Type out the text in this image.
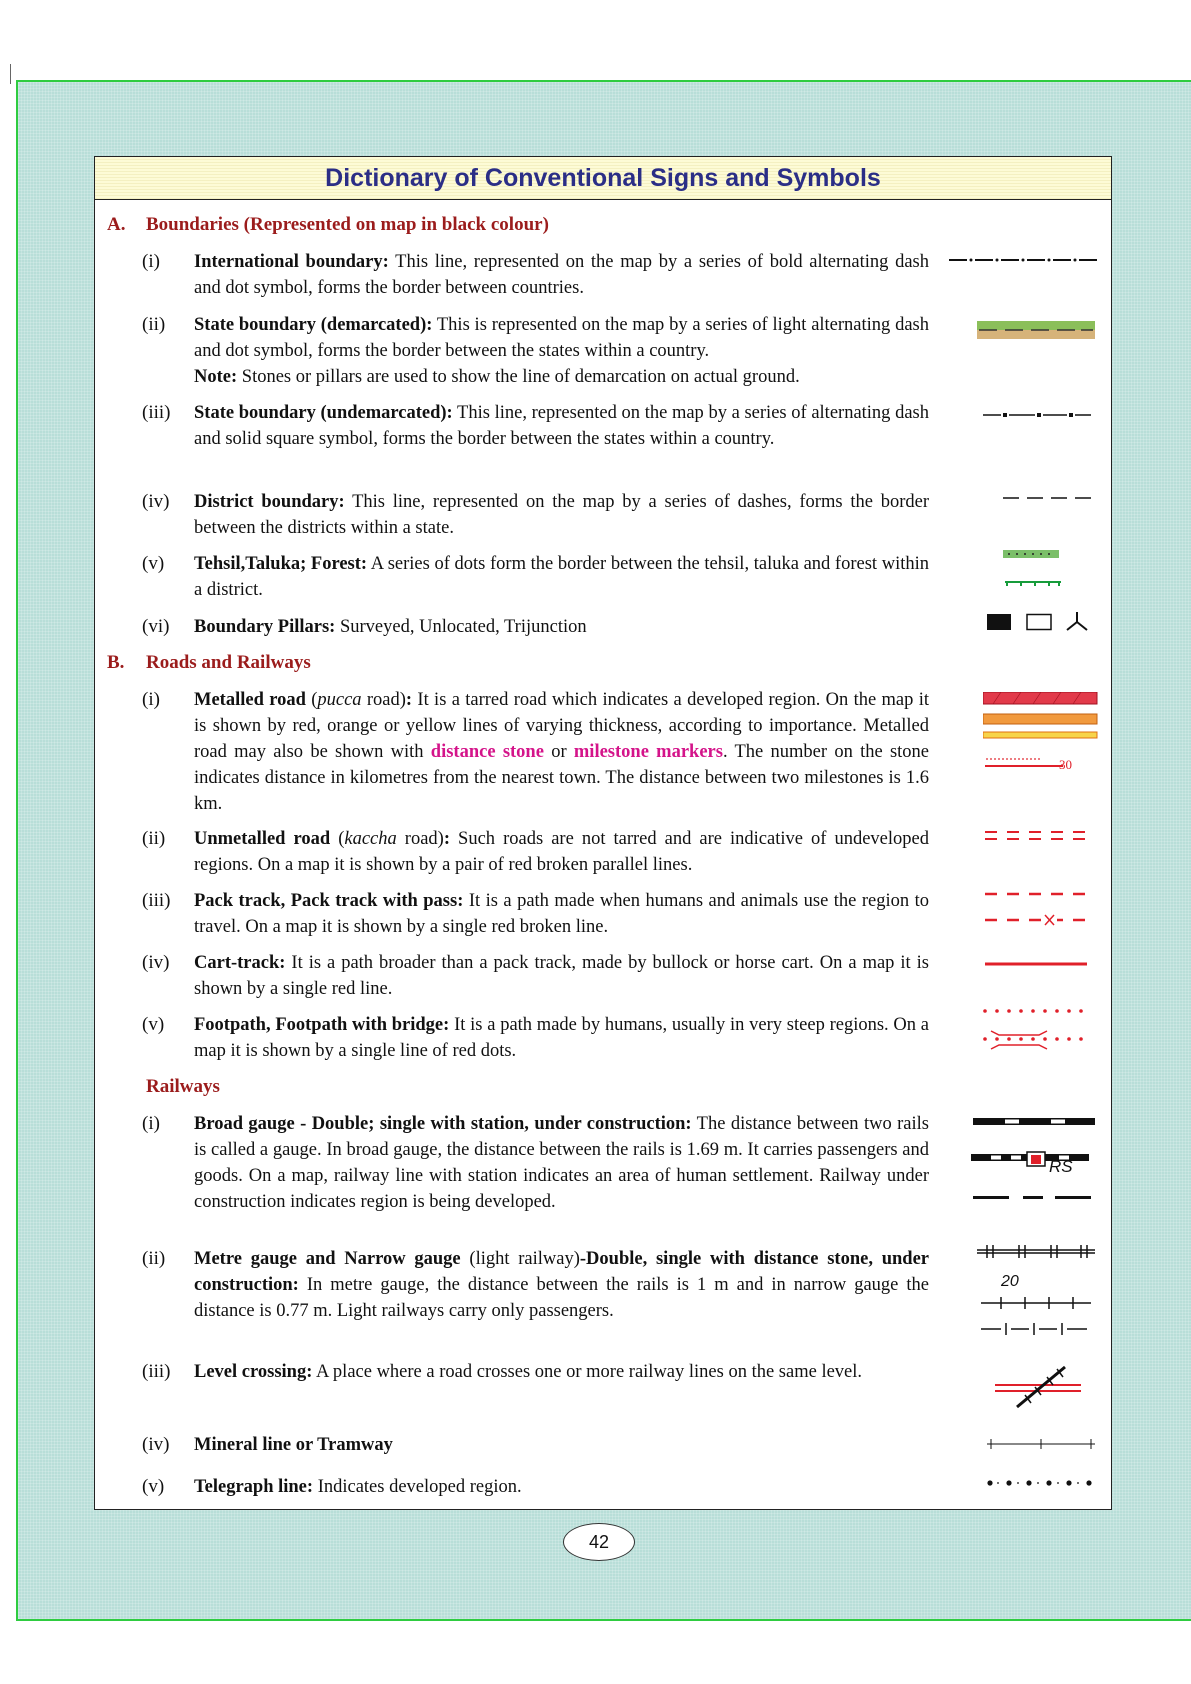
Dictionary of Conventional Signs and Symbols
A. Boundaries (Represented on map in black colour)
(i) International boundary: This line, represented on the map by a series of bold alternating dash and dot symbol, forms the border between countries.
(ii) State boundary (demarcated): This is represented on the map by a series of light alternating dash and dot symbol, forms the border between the states within a country.
Note: Stones or pillars are used to show the line of demarcation on actual ground.
(iii) State boundary (undemarcated): This line, represented on the map by a series of alternating dash and solid square symbol, forms the border between the states within a country.
(iv) District boundary: This line, represented on the map by a series of dashes, forms the border between the districts within a state.
(v) Tehsil,Taluka; Forest: A series of dots form the border between the tehsil, taluka and forest within a district.
(vi) Boundary Pillars: Surveyed, Unlocated, Trijunction
B. Roads and Railways
(i) Metalled road (pucca road): It is a tarred road which indicates a developed region. On the map it is shown by red, orange or yellow lines of varying thickness, according to importance. Metalled road may also be shown with distance stone or milestone markers. The number on the stone indicates distance in kilometres from the nearest town. The distance between two milestones is 1.6 km.
(ii) Unmetalled road (kaccha road): Such roads are not tarred and are indicative of undeveloped regions. On a map it is shown by a pair of red broken parallel lines.
(iii) Pack track, Pack track with pass: It is a path made when humans and animals use the region to travel. On a map it is shown by a single red broken line.
(iv) Cart-track: It is a path broader than a pack track, made by bullock or horse cart. On a map it is shown by a single red line.
(v) Footpath, Footpath with bridge: It is a path made by humans, usually in very steep regions. On a map it is shown by a single line of red dots.
Railways
(i) Broad gauge - Double; single with station, under construction: The distance between two rails is called a gauge. In broad gauge, the distance between the rails is 1.69 m. It carries passengers and goods. On a map, railway line with station indicates an area of human settlement. Railway under construction indicates region is being developed.
(ii) Metre gauge and Narrow gauge (light railway)-Double, single with distance stone, under construction: In metre gauge, the distance between the rails is 1 m and in narrow gauge the distance is 0.77 m. Light railways carry only passengers.
(iii) Level crossing: A place where a road crosses one or more railway lines on the same level.
(iv) Mineral line or Tramway
(v) Telegraph line: Indicates developed region.
30
RS
20
42
